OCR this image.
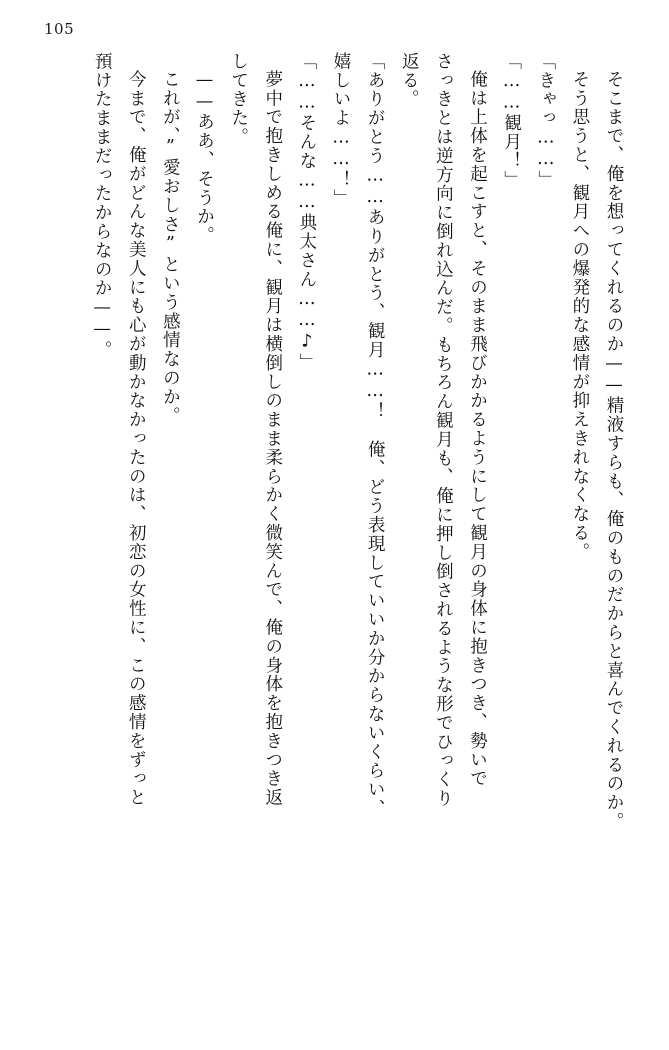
105

そこまで、俺を想ってくれるのか——精液すらも、俺のものだからと喜んでくれるのか。

そう思うと、観月への爆発的な感情が抑えきれなくなる。

「きゃっ……」

「……観月！」

俺は上体を起こすと、そのまま飛びかかるようにして観月の身体に抱きつき、勢いで

さっきとは逆方向に倒れ込んだ。もちろん観月も、俺に押し倒されるような形でひっくり

返る。

「ありがとう……ありがとう、観月……！　俺、どう表現していいか分からないくらい、

嬉しいよ……！」

「……そんな……典太さん……♪」

夢中で抱きしめる俺に、観月は横倒しのまま柔らかく微笑んで、俺の身体を抱きつき返

してきた。

——ああ、そうか。

これが、”愛おしさ”という感情なのか。

今まで、俺がどんな美人にも心が動かなかったのは、初恋の女性に、この感情をずっと

預けたままだったからなのか——。
